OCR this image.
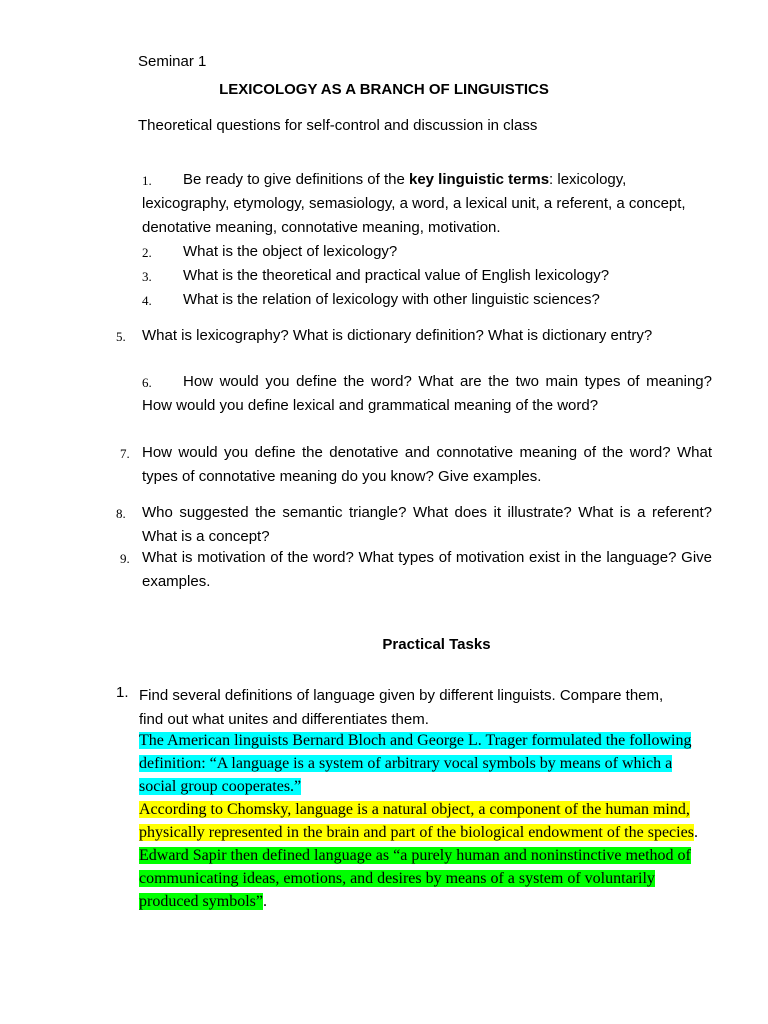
Seminar 1
LEXICOLOGY AS A BRANCH OF LINGUISTICS
Theoretical questions for self-control and discussion in class
1.	Be ready to give definitions of the key linguistic terms: lexicology, lexicography, etymology, semasiology, a word, a lexical unit, a referent, a concept, denotative meaning, connotative meaning, motivation.
2.	What is the object of lexicology?
3.	What is the theoretical and practical value of English lexicology?
4.	What is the relation of lexicology with other linguistic sciences?
5. What is lexicography? What is dictionary definition? What is dictionary entry?
6.	How would you define the word? What are the two main types of meaning? How would you define lexical and grammatical meaning of the word?
7. How would you define the denotative and connotative meaning of the word? What types of connotative meaning do you know? Give examples.
8. Who suggested the semantic triangle? What does it illustrate? What is a referent? What is a concept?
9. What is motivation of the word? What types of motivation exist in the language? Give examples.
Practical Tasks
1. Find several definitions of language given by different linguists. Compare them, find out what unites and differentiates them.

The American linguists Bernard Bloch and George L. Trager formulated the following definition: “A language is a system of arbitrary vocal symbols by means of which a social group cooperates.”

According to Chomsky, language is a natural object, a component of the human mind, physically represented in the brain and part of the biological endowment of the species.

Edward Sapir then defined language as “a purely human and noninstinctive method of communicating ideas, emotions, and desires by means of a system of voluntarily produced symbols”.
